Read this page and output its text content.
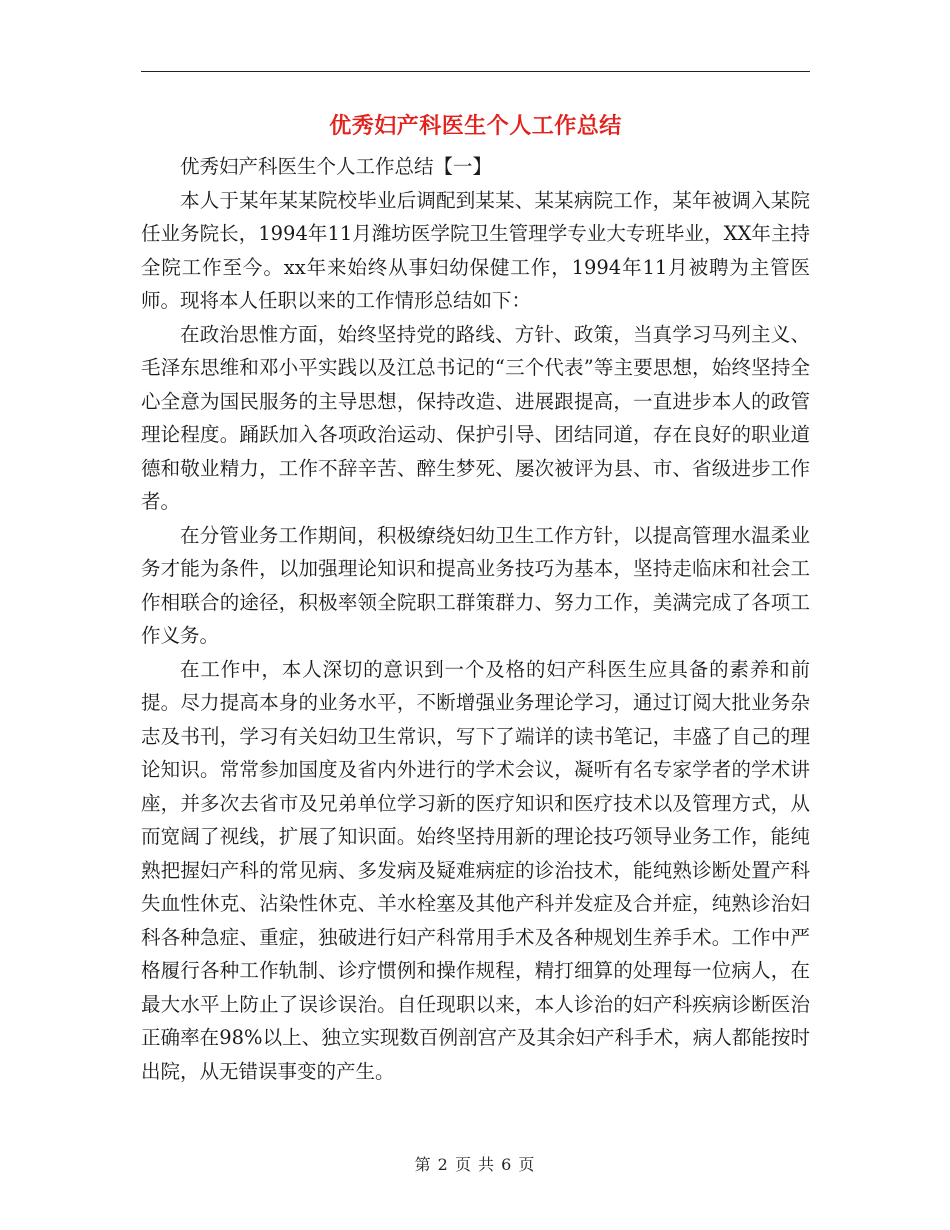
优秀妇产科医生个人工作总结

优秀妇产科医生个人工作总结【一】

本人于某年某某院校毕业后调配到某某、某某病院工作，某年被调入某院任业务院长，1994年11月潍坊医学院卫生管理学专业大专班毕业，XX年主持全院工作至今。xx年来始终从事妇幼保健工作，1994年11月被聘为主管医师。现将本人任职以来的工作情形总结如下：

在政治思惟方面，始终坚持党的路线、方针、政策，当真学习马列主义、毛泽东思维和邓小平实践以及江总书记的“三个代表”等主要思想，始终坚持全心全意为国民服务的主导思想，保持改造、进展跟提高，一直进步本人的政管理论程度。踊跃加入各项政治运动、保护引导、团结同道，存在良好的职业道德和敬业精力，工作不辞辛苦、醉生梦死、屡次被评为县、市、省级进步工作者。

在分管业务工作期间，积极缭绕妇幼卫生工作方针，以提高管理水温柔业务才能为条件，以加强理论知识和提高业务技巧为基本，坚持走临床和社会工作相联合的途径，积极率领全院职工群策群力、努力工作，美满完成了各项工作义务。

在工作中，本人深切的意识到一个及格的妇产科医生应具备的素养和前提。尽力提高本身的业务水平，不断增强业务理论学习，通过订阅大批业务杂志及书刊，学习有关妇幼卫生常识，写下了端详的读书笔记，丰盛了自己的理论知识。常常参加国度及省内外进行的学术会议，凝听有名专家学者的学术讲座，并多次去省市及兄弟单位学习新的医疗知识和医疗技术以及管理方式，从而宽阔了视线，扩展了知识面。始终坚持用新的理论技巧领导业务工作，能纯熟把握妇产科的常见病、多发病及疑难病症的诊治技术，能纯熟诊断处置产科失血性休克、沾染性休克、羊水栓塞及其他产科并发症及合并症，纯熟诊治妇科各种急症、重症，独破进行妇产科常用手术及各种规划生养手术。工作中严格履行各种工作轨制、诊疗惯例和操作规程，精打细算的处理每一位病人，在最大水平上防止了误诊误治。自任现职以来，本人诊治的妇产科疾病诊断医治正确率在98%以上、独立实现数百例剖宫产及其余妇产科手术，病人都能按时出院，从无错误事变的产生。

第 2 页 共 6 页
